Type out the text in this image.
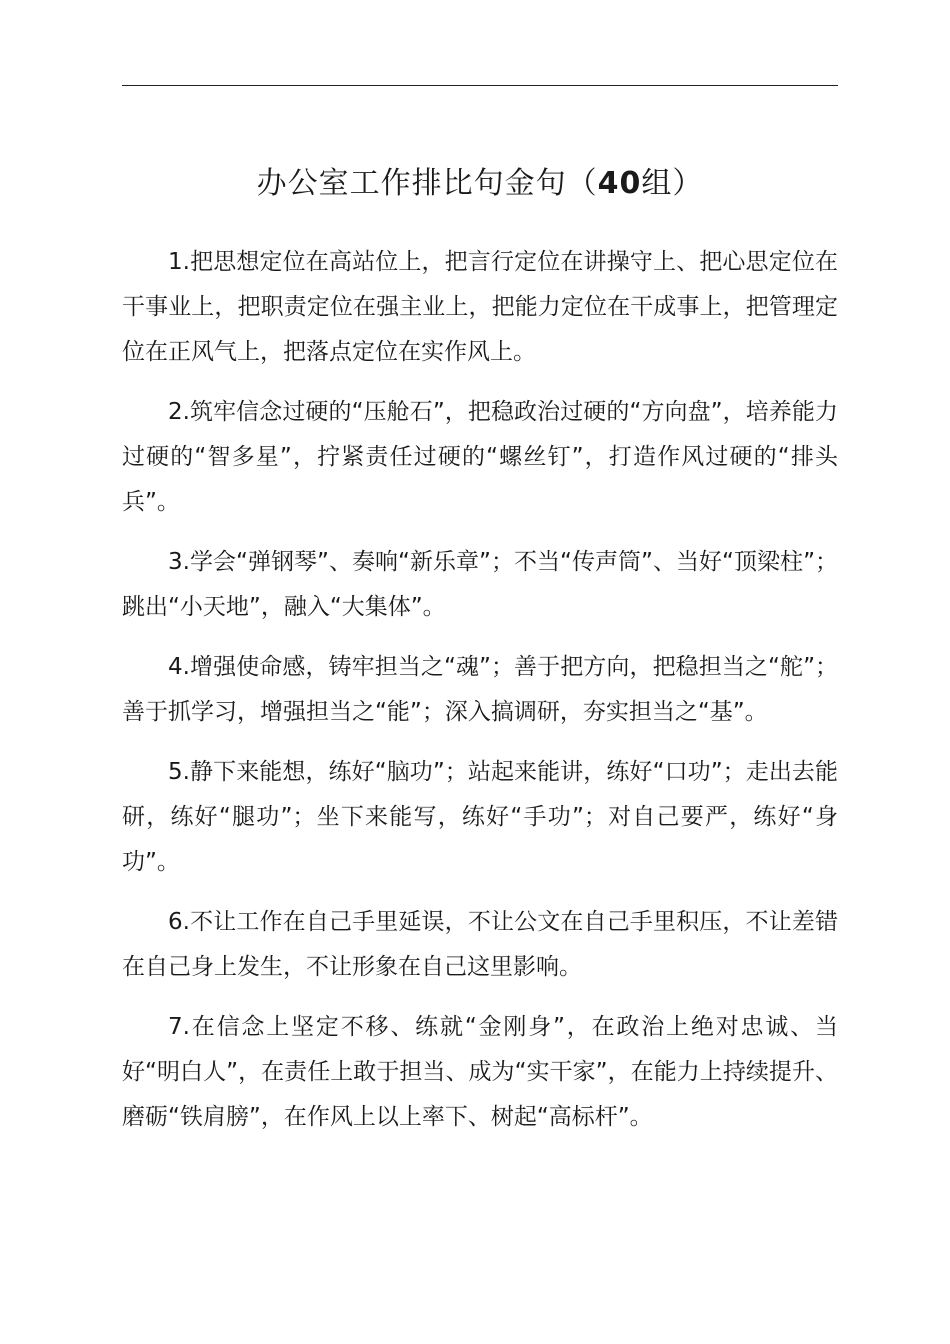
办公室工作排比句金句（40组）

1.把思想定位在高站位上，把言行定位在讲操守上、把心思定位在干事业上，把职责定位在强主业上，把能力定位在干成事上，把管理定位在正风气上，把落点定位在实作风上。

2.筑牢信念过硬的“压舱石”，把稳政治过硬的“方向盘”，培养能力过硬的“智多星”，拧紧责任过硬的“螺丝钉”，打造作风过硬的“排头兵”。

3.学会“弹钢琴”、奏响“新乐章”；不当“传声筒”、当好“顶梁柱”；跳出“小天地”，融入“大集体”。

4.增强使命感，铸牢担当之“魂”；善于把方向，把稳担当之“舵”；善于抓学习，增强担当之“能”；深入搞调研，夯实担当之“基”。

5.静下来能想，练好“脑功”；站起来能讲，练好“口功”；走出去能研，练好“腿功”；坐下来能写，练好“手功”；对自己要严，练好“身功”。

6.不让工作在自己手里延误，不让公文在自己手里积压，不让差错在自己身上发生，不让形象在自己这里影响。

7.在信念上坚定不移、练就“金刚身”，在政治上绝对忠诚、当好“明白人”，在责任上敢于担当、成为“实干家”，在能力上持续提升、磨砺“铁肩膀”，在作风上以上率下、树起“高标杆”。
